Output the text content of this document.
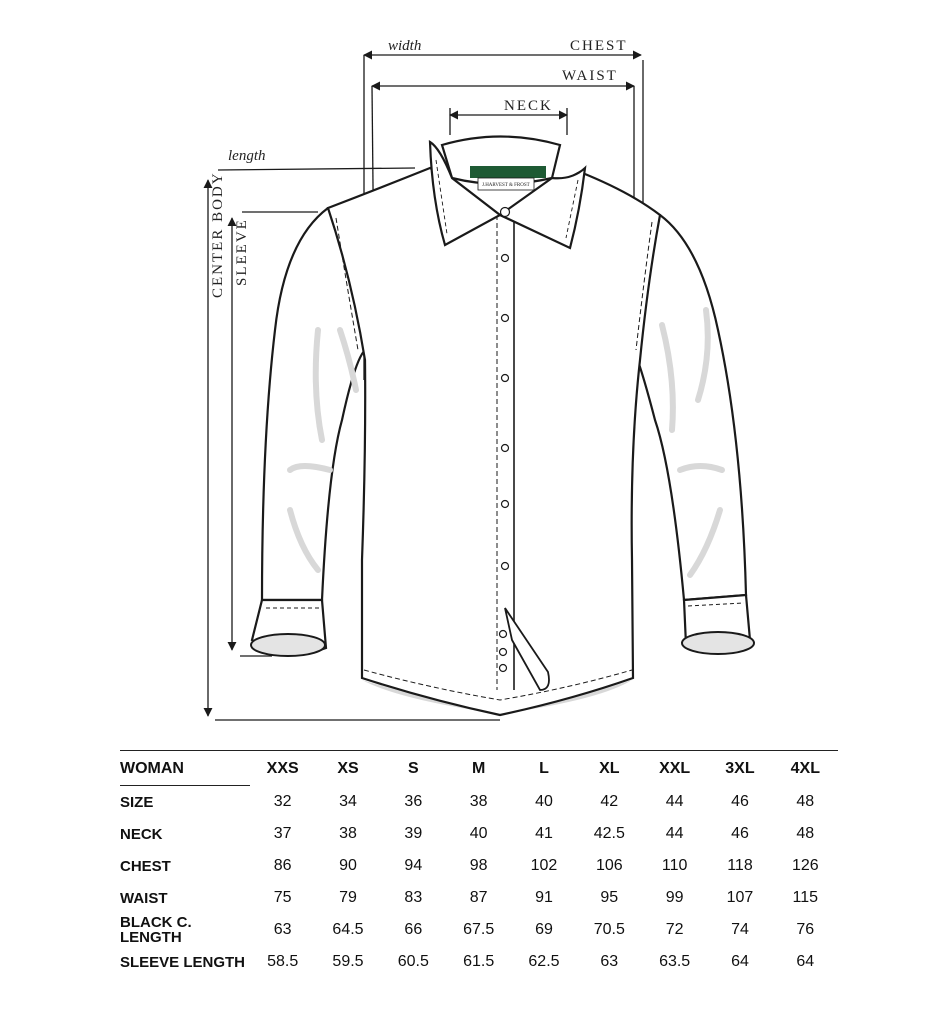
width	CHEST
WAIST
NECK
length
CENTER BODY SLEEVE
J.HARVEST & FROST
WOMAN	XXS	XS	S	M	L	XL	XXL	3XL	4XL
SIZE	32	34	36	38	40	42	44	46	48
NECK	37	38	39	40	41	42.5	44	46	48
CHEST	86	90	94	98	102	106	110	118	126
WAIST	75	79	83	87	91	95	99	107	115
BLACK C. LENGTH	63	64.5	66	67.5	69	70.5	72	74	76
SLEEVE LENGTH	58.5	59.5	60.5	61.5	62.5	63	63.5	64	64
